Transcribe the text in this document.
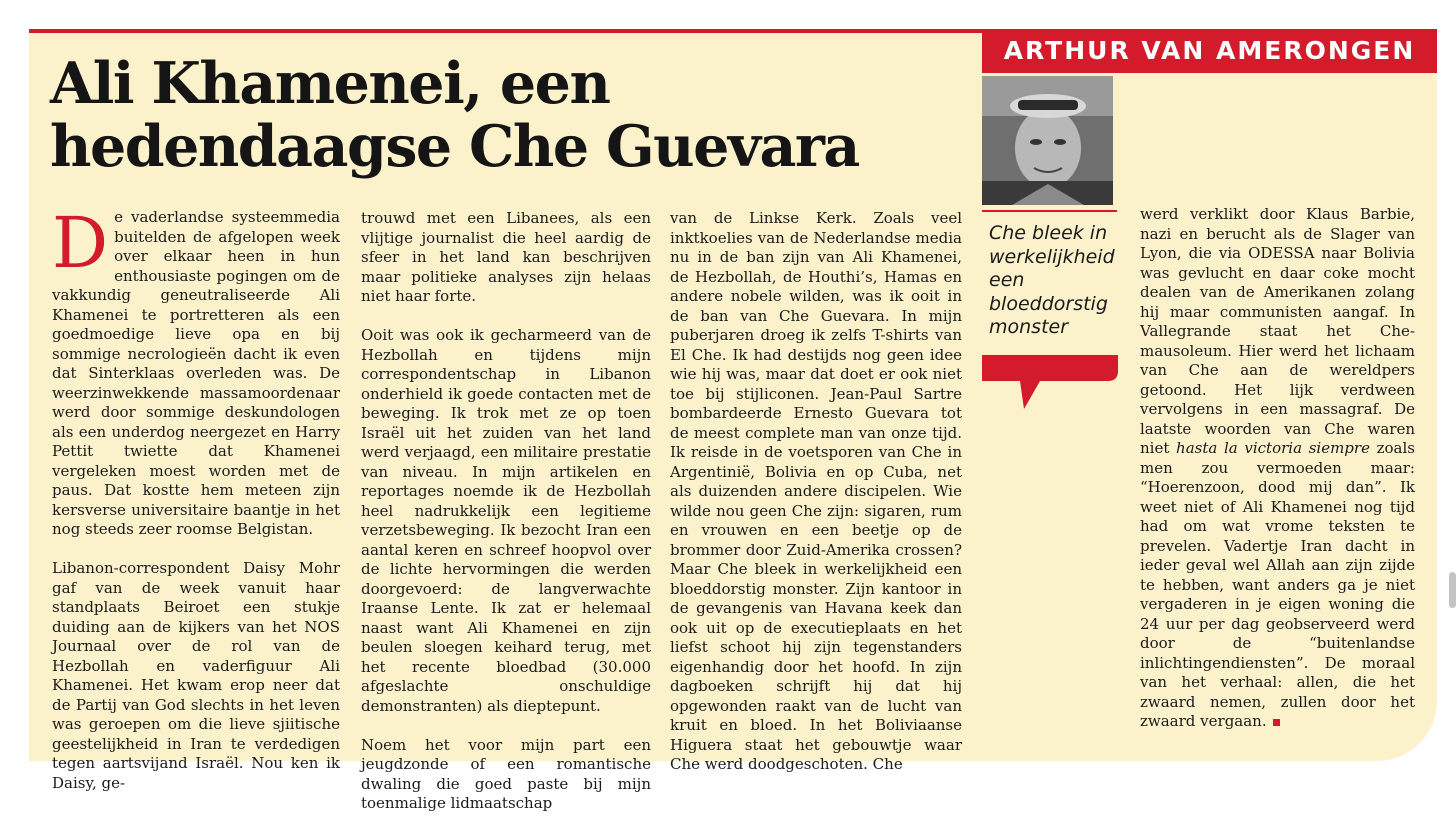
ARTHUR VAN AMERONGEN
Ali Khamenei, een
hedendaagse Che Guevara

Che bleek in
werkelijkheid
een
bloeddorstig
monster

De vaderlandse systeemmedia buitelden de afgelopen week over elkaar heen in hun enthousiaste pogingen om de vakkundig geneutraliseerde Ali Khamenei te portretteren als een goedmoedige lieve opa en bij sommige necrologieën dacht ik even dat Sinterklaas overleden was. De weerzinwekkende massamoordenaar werd door sommige deskundologen als een underdog neergezet en Harry Pettit twiette dat Khamenei vergeleken moest worden met de paus. Dat kostte hem meteen zijn kersverse universitaire baantje in het nog steeds zeer roomse Belgistan.

Libanon-correspondent Daisy Mohr gaf van de week vanuit haar standplaats Beiroet een stukje duiding aan de kijkers van het NOS Journaal over de rol van de Hezbollah en vaderfiguur Ali Khamenei. Het kwam erop neer dat de Partij van God slechts in het leven was geroepen om die lieve sjiitische geestelijkheid in Iran te verdedigen tegen aartsvijand Israël. Nou ken ik Daisy, ge-

trouwd met een Libanees, als een vlijtige journalist die heel aardig de sfeer in het land kan beschrijven maar politieke analyses zijn helaas niet haar forte.

Ooit was ook ik gecharmeerd van de Hezbollah en tijdens mijn correspondentschap in Libanon onderhield ik goede contacten met de beweging. Ik trok met ze op toen Israël uit het zuiden van het land werd verjaagd, een militaire prestatie van niveau. In mijn artikelen en reportages noemde ik de Hezbollah heel nadrukkelijk een legitieme verzetsbeweging. Ik bezocht Iran een aantal keren en schreef hoopvol over de lichte hervormingen die werden doorgevoerd: de langverwachte Iraanse Lente. Ik zat er helemaal naast want Ali Khamenei en zijn beulen sloegen keihard terug, met het recente bloedbad (30.000 afgeslachte onschuldige demonstranten) als dieptepunt.

Noem het voor mijn part een jeugdzonde of een romantische dwaling die goed paste bij mijn toenmalige lidmaatschap

van de Linkse Kerk. Zoals veel inktkoelies van de Nederlandse media nu in de ban zijn van Ali Khamenei, de Hezbollah, de Houthi’s, Hamas en andere nobele wilden, was ik ooit in de ban van Che Guevara. In mijn puberjaren droeg ik zelfs T-shirts van El Che. Ik had destijds nog geen idee wie hij was, maar dat doet er ook niet toe bij stijliconen. Jean-Paul Sartre bombardeerde Ernesto Guevara tot de meest complete man van onze tijd. Ik reisde in de voetsporen van Che in Argentinië, Bolivia en op Cuba, net als duizenden andere discipelen. Wie wilde nou geen Che zijn: sigaren, rum en vrouwen en een beetje op de brommer door Zuid-Amerika crossen? Maar Che bleek in werkelijkheid een bloeddorstig monster. Zijn kantoor in de gevangenis van Havana keek dan ook uit op de executieplaats en het liefst schoot hij zijn tegenstanders eigenhandig door het hoofd. In zijn dagboeken schrijft hij dat hij opgewonden raakt van de lucht van kruit en bloed. In het Boliviaanse Higuera staat het gebouwtje waar Che werd doodgeschoten. Che

werd verklikt door Klaus Barbie, nazi en berucht als de Slager van Lyon, die via ODESSA naar Bolivia was gevlucht en daar coke mocht dealen van de Amerikanen zolang hij maar communisten aangaf. In Vallegrande staat het Che-mausoleum. Hier werd het lichaam van Che aan de wereldpers getoond. Het lijk verdween vervolgens in een massagraf. De laatste woorden van Che waren niet hasta la victoria siempre zoals men zou vermoeden maar: “Hoerenzoon, dood mij dan”. Ik weet niet of Ali Khamenei nog tijd had om wat vrome teksten te prevelen. Vadertje Iran dacht in ieder geval wel Allah aan zijn zijde te hebben, want anders ga je niet vergaderen in je eigen woning die 24 uur per dag geobserveerd werd door de “buitenlandse inlichtingendiensten”. De moraal van het verhaal: allen, die het zwaard nemen, zullen door het zwaard vergaan.
